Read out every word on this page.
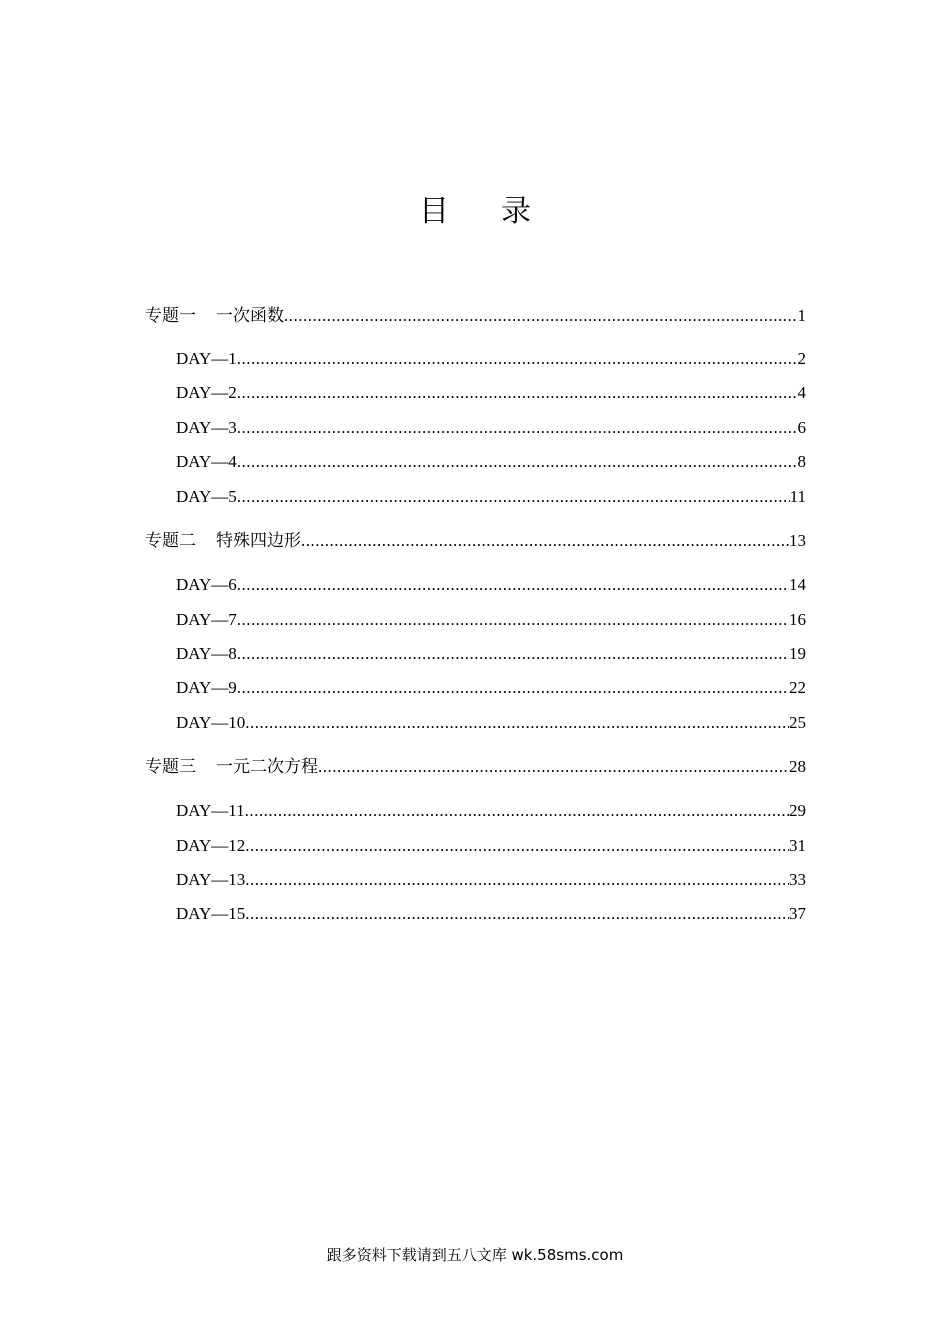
目录
专题一 一次函数 .....	1
DAY—1 .....	2
DAY—2 .....	4
DAY—3 .....	6
DAY—4 .....	8
DAY—5 .....	11
专题二 特殊四边形 .....	13
DAY—6 .....	14
DAY—7 .....	16
DAY—8 .....	19
DAY—9 .....	22
DAY—10 .....	25
专题三 一元二次方程 .....	28
DAY—11 .....	29
DAY—12 .....	31
DAY—13 .....	33
DAY—15 .....	37
跟多资料下载请到五八文库 wk.58sms.com
